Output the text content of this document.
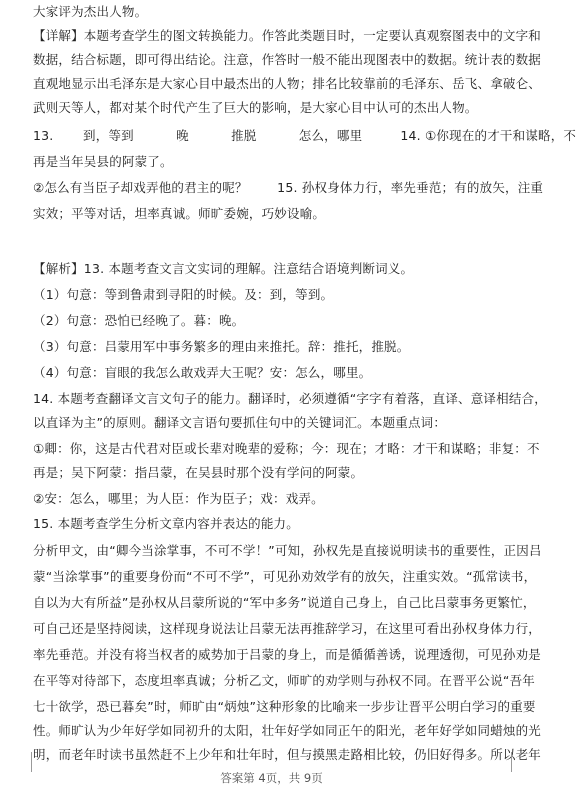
大家评为杰出人物。
【详解】本题考查学生的图文转换能力。作答此类题目时，一定要认真观察图表中的文字和
数据，结合标题，即可得出结论。注意，作答时一般不能出现图表中的数据。统计表的数据
直观地显示出毛泽东是大家心目中最杰出的人物；排名比较靠前的毛泽东、岳飞、拿破仑、
武则天等人，都对某个时代产生了巨大的影响，是大家心目中认可的杰出人物。
13.　　 到，等到　　　 晚　　　 推脱　　　 怎么，哪里　　　14. ①你现在的才干和谋略，不
再是当年吴县的阿蒙了。
②怎么有当臣子却戏弄他的君主的呢？　　 15. 孙权身体力行，率先垂范；有的放矢，注重
实效；平等对话，坦率真诚。师旷委婉，巧妙设喻。
【解析】13. 本题考查文言文实词的理解。注意结合语境判断词义。
（1）句意：等到鲁肃到寻阳的时候。及：到，等到。
（2）句意：恐怕已经晚了。暮：晚。
（3）句意：吕蒙用军中事务繁多的理由来推托。辞：推托，推脱。
（4）句意：盲眼的我怎么敢戏弄大王呢？安：怎么，哪里。
14. 本题考查翻译文言文句子的能力。翻译时，必须遵循“字字有着落，直译、意译相结合，
以直译为主”的原则。翻译文言语句要抓住句中的关键词汇。本题重点词：
①卿：你，这是古代君对臣或长辈对晚辈的爱称；今：现在；才略：才干和谋略；非复：不
再是；吴下阿蒙：指吕蒙，在吴县时那个没有学问的阿蒙。
②安：怎么，哪里；为人臣：作为臣子；戏：戏弄。
15. 本题考查学生分析文章内容并表达的能力。
分析甲文，由“卿今当涂掌事，不可不学！”可知，孙权先是直接说明读书的重要性，正因吕
蒙“当涂掌事”的重要身份而“不可不学”，可见孙劝效学有的放矢，注重实效。“孤常读书，
自以为大有所益”是孙权从吕蒙所说的“军中多务”说道自己身上，自己比吕蒙事务更繁忙，
可自己还是坚持阅读，这样现身说法让吕蒙无法再推辞学习，在这里可看出孙权身体力行，
率先垂范。并没有将当权者的威势加于吕蒙的身上，而是循循善诱，说理透彻，可见孙劝是
在平等对待部下，态度坦率真诚；分析乙文，师旷的劝学则与孙权不同。在晋平公说“吾年
七十欲学，恐已暮矣”时，师旷由“炳烛”这种形象的比喻来一步步让晋平公明白学习的重要
性。师旷认为少年好学如同初升的太阳，壮年好学如同正午的阳光，老年好学如同蜡烛的光
明，而老年时读书虽然赶不上少年和壮年时，但与摸黑走路相比较，仍旧好得多。所以老年
答案第 4页，共 9页
